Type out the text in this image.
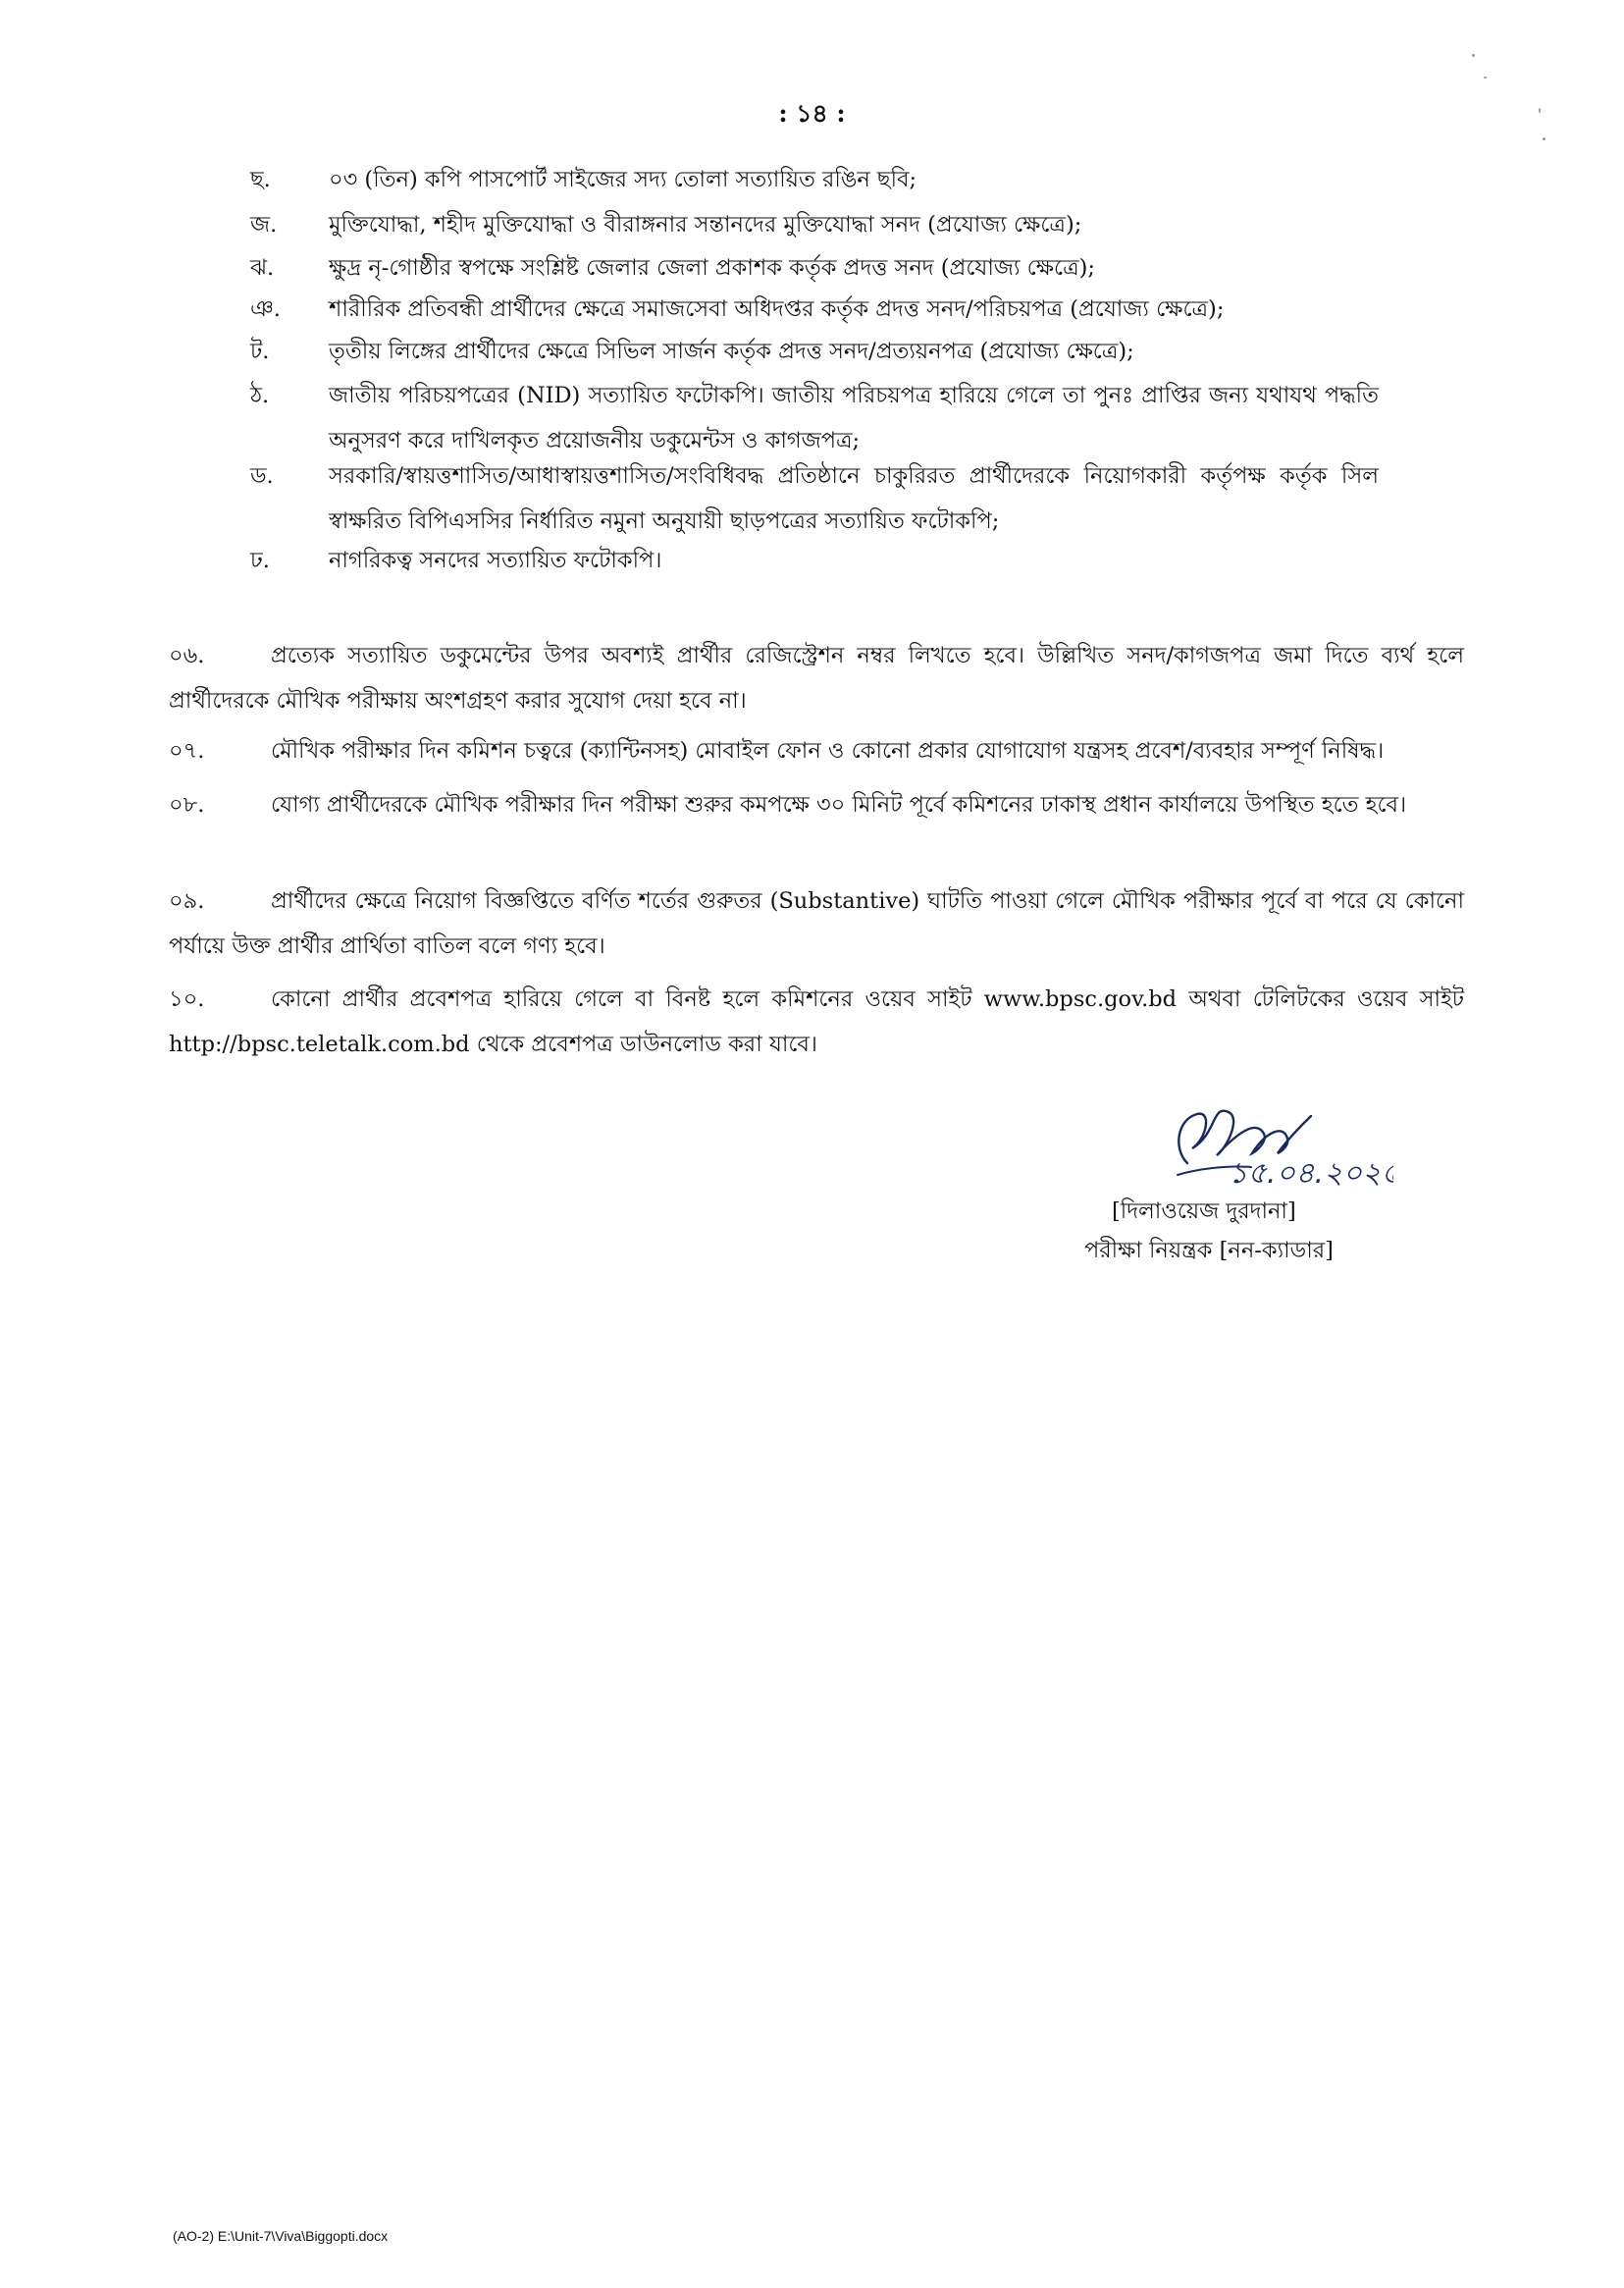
: ১৪ :
ছ.	০৩ (তিন) কপি পাসপোর্ট সাইজের সদ্য তোলা সত্যায়িত রঙিন ছবি;
জ.	মুক্তিযোদ্ধা, শহীদ মুক্তিযোদ্ধা ও বীরাঙ্গনার সন্তানদের মুক্তিযোদ্ধা সনদ (প্রযোজ্য ক্ষেত্রে);
ঝ.	ক্ষুদ্র নৃ-গোষ্ঠীর স্বপক্ষে সংশ্লিষ্ট জেলার জেলা প্রকাশক কর্তৃক প্রদত্ত সনদ (প্রযোজ্য ক্ষেত্রে);
ঞ.	শারীরিক প্রতিবন্ধী প্রার্থীদের ক্ষেত্রে সমাজসেবা অধিদপ্তর কর্তৃক প্রদত্ত সনদ/পরিচয়পত্র (প্রযোজ্য ক্ষেত্রে);
ট.	তৃতীয় লিঙ্গের প্রার্থীদের ক্ষেত্রে সিভিল সার্জন কর্তৃক প্রদত্ত সনদ/প্রত্যয়নপত্র (প্রযোজ্য ক্ষেত্রে);
ঠ.	জাতীয় পরিচয়পত্রের (NID) সত্যায়িত ফটোকপি। জাতীয় পরিচয়পত্র হারিয়ে গেলে তা পুনঃ প্রাপ্তির জন্য যথাযথ পদ্ধতি অনুসরণ করে দাখিলকৃত প্রয়োজনীয় ডকুমেন্টস ও কাগজপত্র;
ড.	সরকারি/স্বায়ত্তশাসিত/আধাস্বায়ত্তশাসিত/সংবিধিবদ্ধ প্রতিষ্ঠানে চাকুরিরত প্রার্থীদেরকে নিয়োগকারী কর্তৃপক্ষ কর্তৃক সিল স্বাক্ষরিত বিপিএসসির নির্ধারিত নমুনা অনুযায়ী ছাড়পত্রের সত্যায়িত ফটোকপি;
ঢ.	নাগরিকত্ব সনদের সত্যায়িত ফটোকপি।
০৬.	প্রত্যেক সত্যায়িত ডকুমেন্টের উপর অবশ্যই প্রার্থীর রেজিস্ট্রেশন নম্বর লিখতে হবে। উল্লিখিত সনদ/কাগজপত্র জমা দিতে ব্যর্থ হলে প্রার্থীদেরকে মৌখিক পরীক্ষায় অংশগ্রহণ করার সুযোগ দেয়া হবে না।
০৭.	মৌখিক পরীক্ষার দিন কমিশন চত্বরে (ক্যান্টিনসহ) মোবাইল ফোন ও কোনো প্রকার যোগাযোগ যন্ত্রসহ প্রবেশ/ব্যবহার সম্পূর্ণ নিষিদ্ধ।
০৮.	যোগ্য প্রার্থীদেরকে মৌখিক পরীক্ষার দিন পরীক্ষা শুরুর কমপক্ষে ৩০ মিনিট পূর্বে কমিশনের ঢাকাস্থ প্রধান কার্যালয়ে উপস্থিত হতে হবে।
০৯.	প্রার্থীদের ক্ষেত্রে নিয়োগ বিজ্ঞপ্তিতে বর্ণিত শর্তের গুরুতর (Substantive) ঘাটতি পাওয়া গেলে মৌখিক পরীক্ষার পূর্বে বা পরে যে কোনো পর্যায়ে উক্ত প্রার্থীর প্রার্থিতা বাতিল বলে গণ্য হবে।
১০.	কোনো প্রার্থীর প্রবেশপত্র হারিয়ে গেলে বা বিনষ্ট হলে কমিশনের ওয়েব সাইট www.bpsc.gov.bd অথবা টেলিটকের ওয়েব সাইট http://bpsc.teletalk.com.bd থেকে প্রবেশপত্র ডাউনলোড করা যাবে।
১৫.০৪.২০২৫
[দিলাওয়েজ দুরদানা]
পরীক্ষা নিয়ন্ত্রক [নন-ক্যাডার]
(AO-2) E:\Unit-7\Viva\Biggopti.docx
